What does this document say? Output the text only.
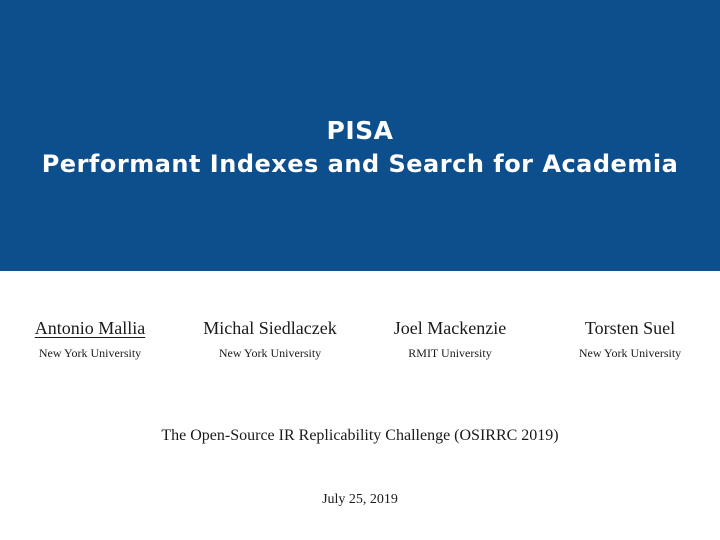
PISA
Performant Indexes and Search for Academia
Antonio Mallia
New York University
Michal Siedlaczek
New York University
Joel Mackenzie
RMIT University
Torsten Suel
New York University
The Open-Source IR Replicability Challenge (OSIRRC 2019)
July 25, 2019
